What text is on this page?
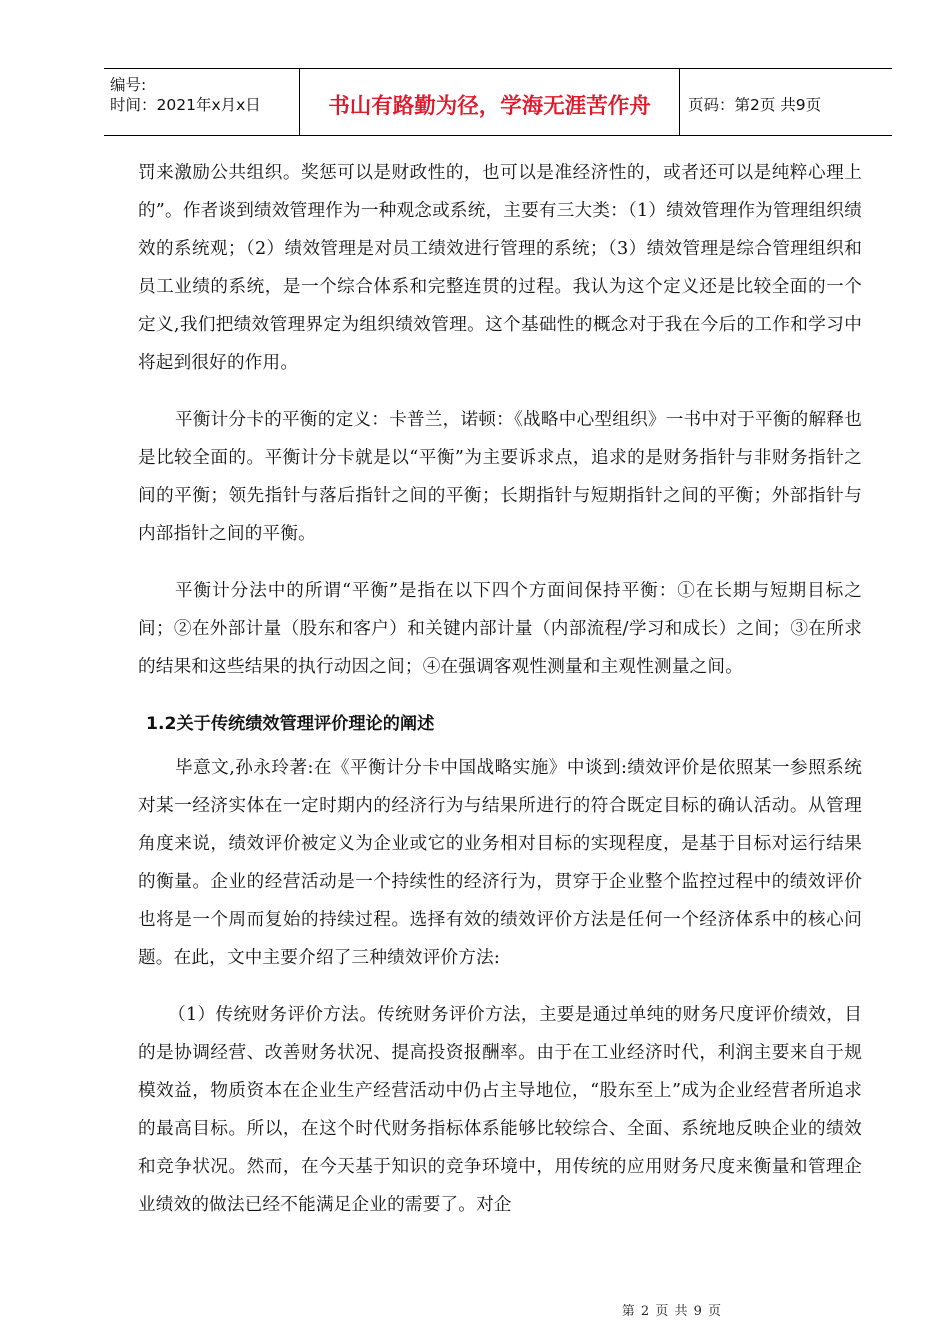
编号:
时间：2021年x月x日	书山有路勤为径，学海无涯苦作舟	页码：第2页 共9页

罚来激励公共组织。奖惩可以是财政性的，也可以是准经济性的，或者还可以是纯粹心理上的”。作者谈到绩效管理作为一种观念或系统，主要有三大类：（1）绩效管理作为管理组织绩效的系统观；（2）绩效管理是对员工绩效进行管理的系统；（3）绩效管理是综合管理组织和员工业绩的系统，是一个综合体系和完整连贯的过程。我认为这个定义还是比较全面的一个定义,我们把绩效管理界定为组织绩效管理。这个基础性的概念对于我在今后的工作和学习中将起到很好的作用。

平衡计分卡的平衡的定义：卡普兰，诺顿：《战略中心型组织》一书中对于平衡的解释也是比较全面的。平衡计分卡就是以“平衡”为主要诉求点，追求的是财务指针与非财务指针之间的平衡；领先指针与落后指针之间的平衡；长期指针与短期指针之间的平衡；外部指针与内部指针之间的平衡。

平衡计分法中的所谓“平衡”是指在以下四个方面间保持平衡：①在长期与短期目标之间；②在外部计量（股东和客户）和关键内部计量（内部流程/学习和成长）之间；③在所求的结果和这些结果的执行动因之间；④在强调客观性测量和主观性测量之间。

1.2关于传统绩效管理评价理论的阐述

毕意文,孙永玲著:在《平衡计分卡中国战略实施》中谈到:绩效评价是依照某一参照系统对某一经济实体在一定时期内的经济行为与结果所进行的符合既定目标的确认活动。从管理角度来说，绩效评价被定义为企业或它的业务相对目标的实现程度，是基于目标对运行结果的衡量。企业的经营活动是一个持续性的经济行为，贯穿于企业整个监控过程中的绩效评价也将是一个周而复始的持续过程。选择有效的绩效评价方法是任何一个经济体系中的核心问题。在此，文中主要介绍了三种绩效评价方法:

（1）传统财务评价方法。传统财务评价方法，主要是通过单纯的财务尺度评价绩效，目的是协调经营、改善财务状况、提高投资报酬率。由于在工业经济时代，利润主要来自于规模效益，物质资本在企业生产经营活动中仍占主导地位，“股东至上”成为企业经营者所追求的最高目标。所以，在这个时代财务指标体系能够比较综合、全面、系统地反映企业的绩效和竞争状况。然而，在今天基于知识的竞争环境中，用传统的应用财务尺度来衡量和管理企业绩效的做法已经不能满足企业的需要了。对企

第 2 页 共 9 页
